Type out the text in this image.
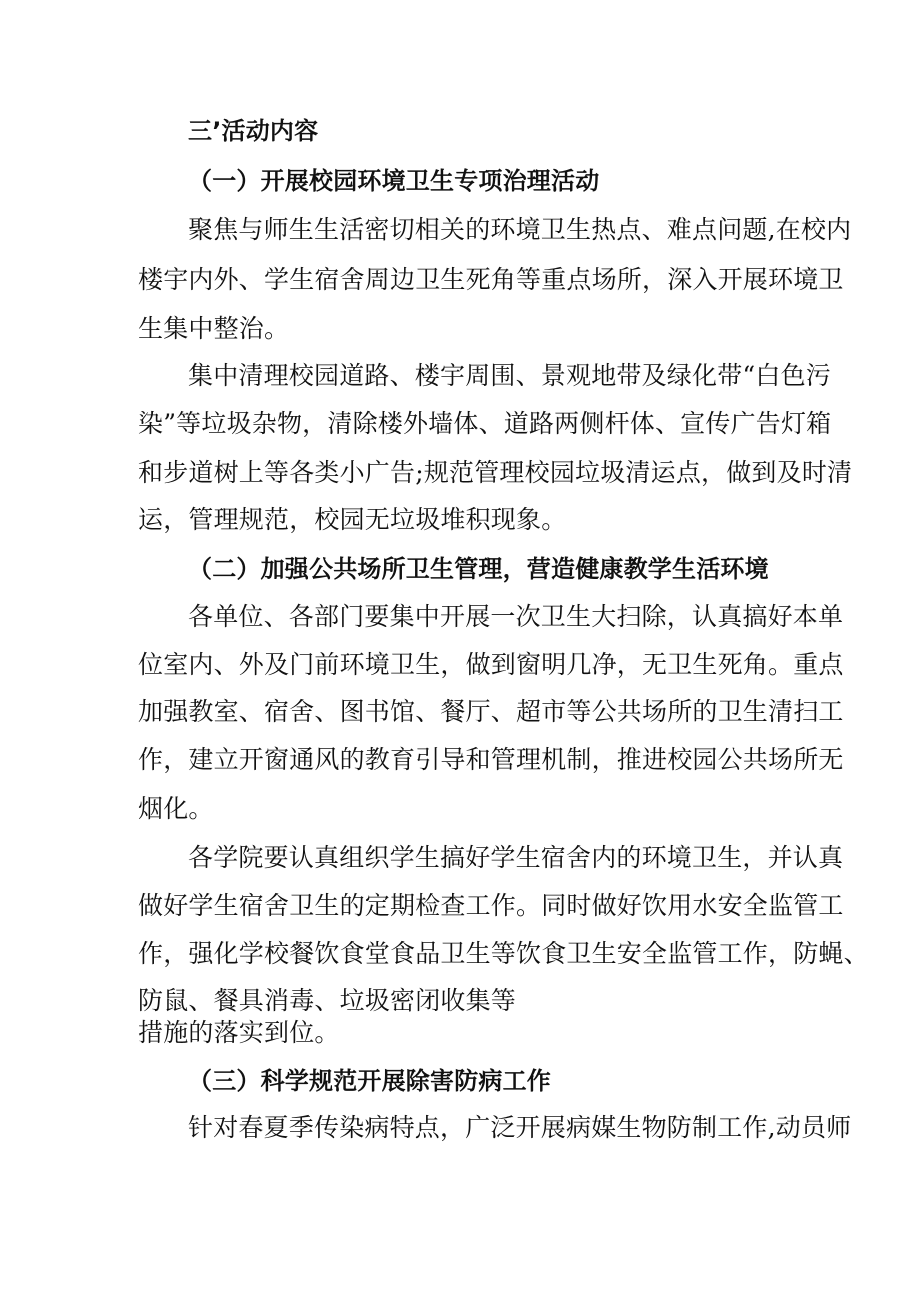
三’活动内容
（一）开展校园环境卫生专项治理活动
聚焦与师生生活密切相关的环境卫生热点、难点问题,在校内
楼宇内外、学生宿舍周边卫生死角等重点场所，深入开展环境卫
生集中整治。
集中清理校园道路、楼宇周围、景观地带及绿化带“白色污
染”等垃圾杂物，清除楼外墙体、道路两侧杆体、宣传广告灯箱
和步道树上等各类小广告;规范管理校园垃圾清运点，做到及时清
运，管理规范，校园无垃圾堆积现象。
（二）加强公共场所卫生管理，营造健康教学生活环境
各单位、各部门要集中开展一次卫生大扫除，认真搞好本单
位室内、外及门前环境卫生，做到窗明几净，无卫生死角。重点
加强教室、宿舍、图书馆、餐厅、超市等公共场所的卫生清扫工
作，建立开窗通风的教育引导和管理机制，推进校园公共场所无
烟化。
各学院要认真组织学生搞好学生宿舍内的环境卫生，并认真
做好学生宿舍卫生的定期检查工作。同时做好饮用水安全监管工
作，强化学校餐饮食堂食品卫生等饮食卫生安全监管工作，防蝇、
防鼠、餐具消毒、垃圾密闭收集等
措施的落实到位。
（三）科学规范开展除害防病工作
针对春夏季传染病特点，广泛开展病媒生物防制工作,动员师
